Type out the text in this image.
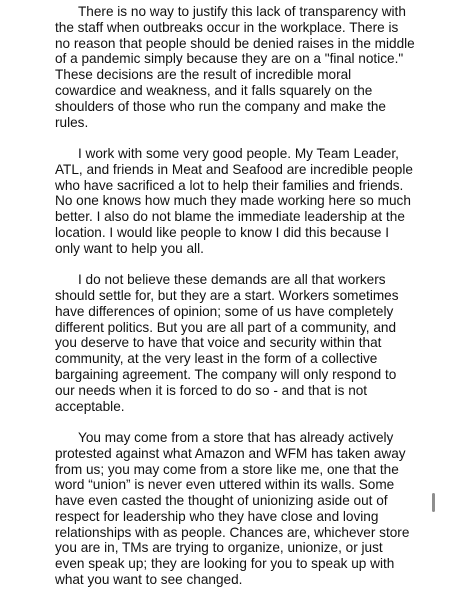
There is no way to justify this lack of transparency with the staff when outbreaks occur in the workplace. There is no reason that people should be denied raises in the middle of a pandemic simply because they are on a "final notice." These decisions are the result of incredible moral cowardice and weakness, and it falls squarely on the shoulders of those who run the company and make the rules.

I work with some very good people. My Team Leader, ATL, and friends in Meat and Seafood are incredible people who have sacrificed a lot to help their families and friends. No one knows how much they made working here so much better. I also do not blame the immediate leadership at the location. I would like people to know I did this because I only want to help you all.

I do not believe these demands are all that workers should settle for, but they are a start. Workers sometimes have differences of opinion; some of us have completely different politics. But you are all part of a community, and you deserve to have that voice and security within that community, at the very least in the form of a collective bargaining agreement. The company will only respond to our needs when it is forced to do so - and that is not acceptable.

You may come from a store that has already actively protested against what Amazon and WFM has taken away from us; you may come from a store like me, one that the word “union” is never even uttered within its walls. Some have even casted the thought of unionizing aside out of respect for leadership who they have close and loving relationships with as people. Chances are, whichever store you are in, TMs are trying to organize, unionize, or just even speak up; they are looking for you to speak up with what you want to see changed.
